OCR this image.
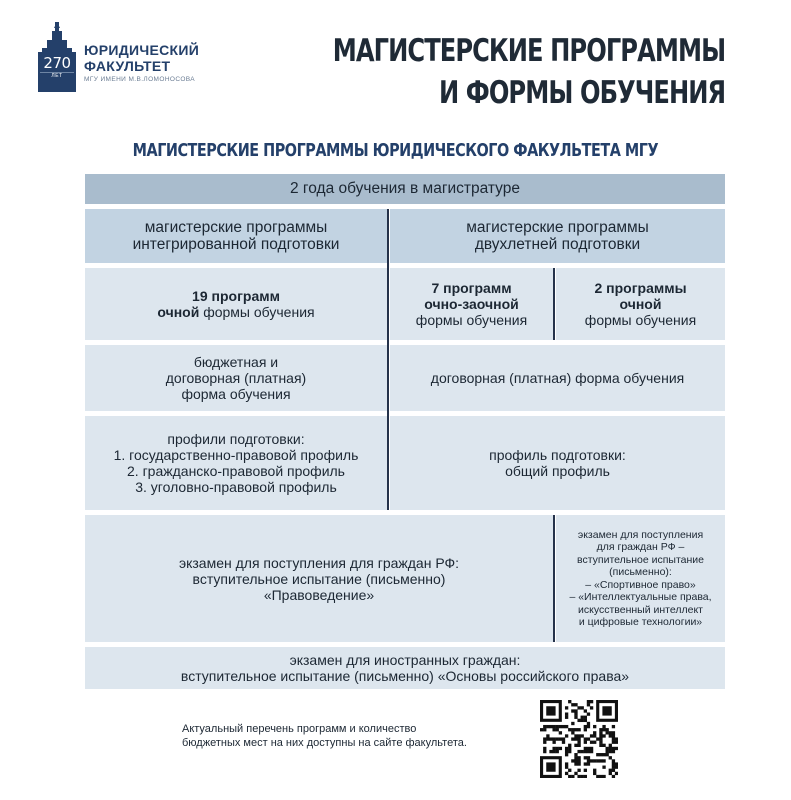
270
ЛЕТ
ЮРИДИЧЕСКИЙ
ФАКУЛЬТЕТ
МГУ ИМЕНИ М.В.ЛОМОНОСОВА
МАГИСТЕРСКИЕ ПРОГРАММЫ
И ФОРМЫ ОБУЧЕНИЯ
МАГИСТЕРСКИЕ ПРОГРАММЫ ЮРИДИЧЕСКОГО ФАКУЛЬТЕТА МГУ
2 года обучения в магистратуре
магистерские программы
интегрированной подготовки
магистерские программы
двухлетней подготовки
19 программ
очной формы обучения
7 программ
очно-заочной
формы обучения
2 программы
очной
формы обучения
бюджетная и
договорная (платная)
форма обучения
договорная (платная) форма обучения
профили подготовки:
1. государственно-правовой профиль
2. гражданско-правовой профиль
3. уголовно-правовой профиль
профиль подготовки:
общий профиль
экзамен для поступления для граждан РФ:
вступительное испытание (письменно)
«Правоведение»
экзамен для поступления
для граждан РФ –
вступительное испытание
(письменно):
– «Спортивное право»
– «Интеллектуальные права,
искусственный интеллект
и цифровые технологии»
экзамен для иностранных граждан:
вступительное испытание (письменно) «Основы российского права»
Актуальный перечень программ и количество
бюджетных мест на них доступны на сайте факультета.
